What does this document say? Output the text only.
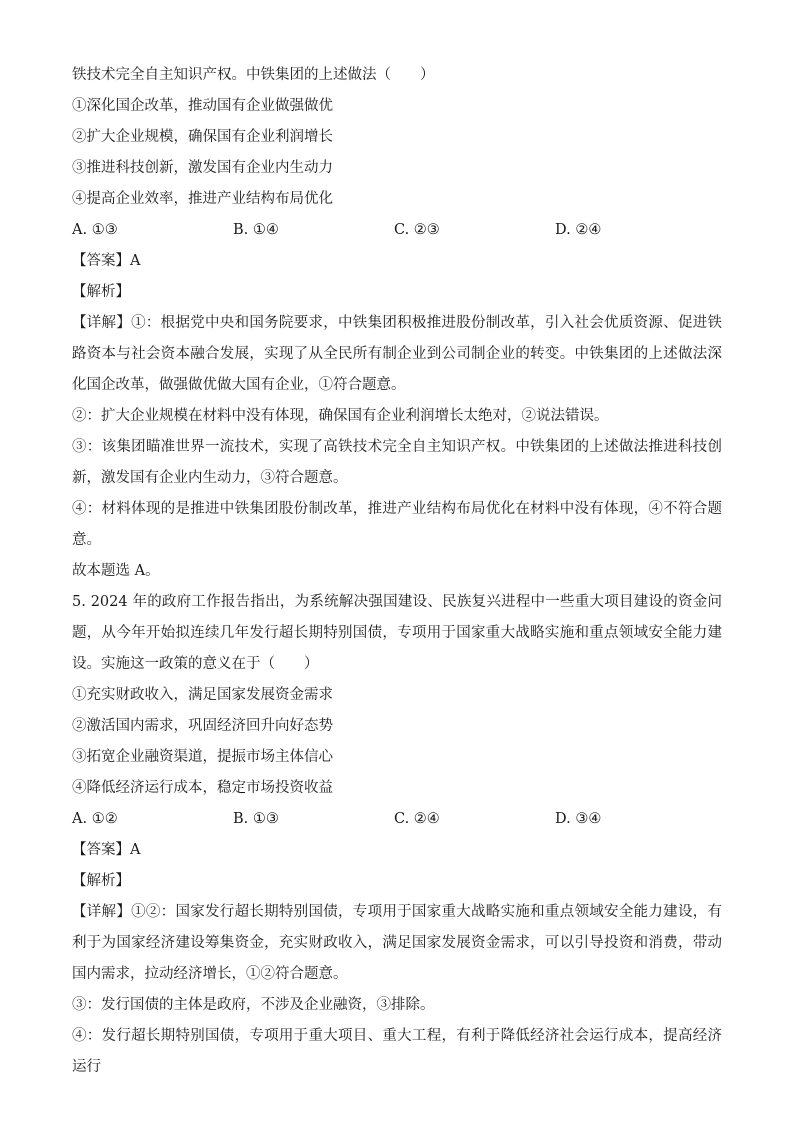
铁技术完全自主知识产权。中铁集团的上述做法（　　）
①深化国企改革，推动国有企业做强做优
②扩大企业规模，确保国有企业利润增长
③推进科技创新，激发国有企业内生动力
④提高企业效率，推进产业结构布局优化
A. ①③	B. ①④	C. ②③	D. ②④
【答案】A
【解析】
【详解】①：根据党中央和国务院要求，中铁集团积极推进股份制改革，引入社会优质资源、促进铁路资本与社会资本融合发展，实现了从全民所有制企业到公司制企业的转变。中铁集团的上述做法深化国企改革，做强做优做大国有企业，①符合题意。
②：扩大企业规模在材料中没有体现，确保国有企业利润增长太绝对，②说法错误。
③：该集团瞄准世界一流技术，实现了高铁技术完全自主知识产权。中铁集团的上述做法推进科技创新，激发国有企业内生动力，③符合题意。
④：材料体现的是推进中铁集团股份制改革，推进产业结构布局优化在材料中没有体现，④不符合题意。
故本题选 A。
5. 2024 年的政府工作报告指出，为系统解决强国建设、民族复兴进程中一些重大项目建设的资金问题，从今年开始拟连续几年发行超长期特别国债，专项用于国家重大战略实施和重点领域安全能力建设。实施这一政策的意义在于（　　）
①充实财政收入，满足国家发展资金需求
②激活国内需求，巩固经济回升向好态势
③拓宽企业融资渠道，提振市场主体信心
④降低经济运行成本，稳定市场投资收益
A. ①②	B. ①③	C. ②④	D. ③④
【答案】A
【解析】
【详解】①②：国家发行超长期特别国债，专项用于国家重大战略实施和重点领域安全能力建设，有利于为国家经济建设筹集资金，充实财政收入，满足国家发展资金需求，可以引导投资和消费，带动国内需求，拉动经济增长，①②符合题意。
③：发行国债的主体是政府，不涉及企业融资，③排除。
④：发行超长期特别国债，专项用于重大项目、重大工程，有利于降低经济社会运行成本，提高经济运行
